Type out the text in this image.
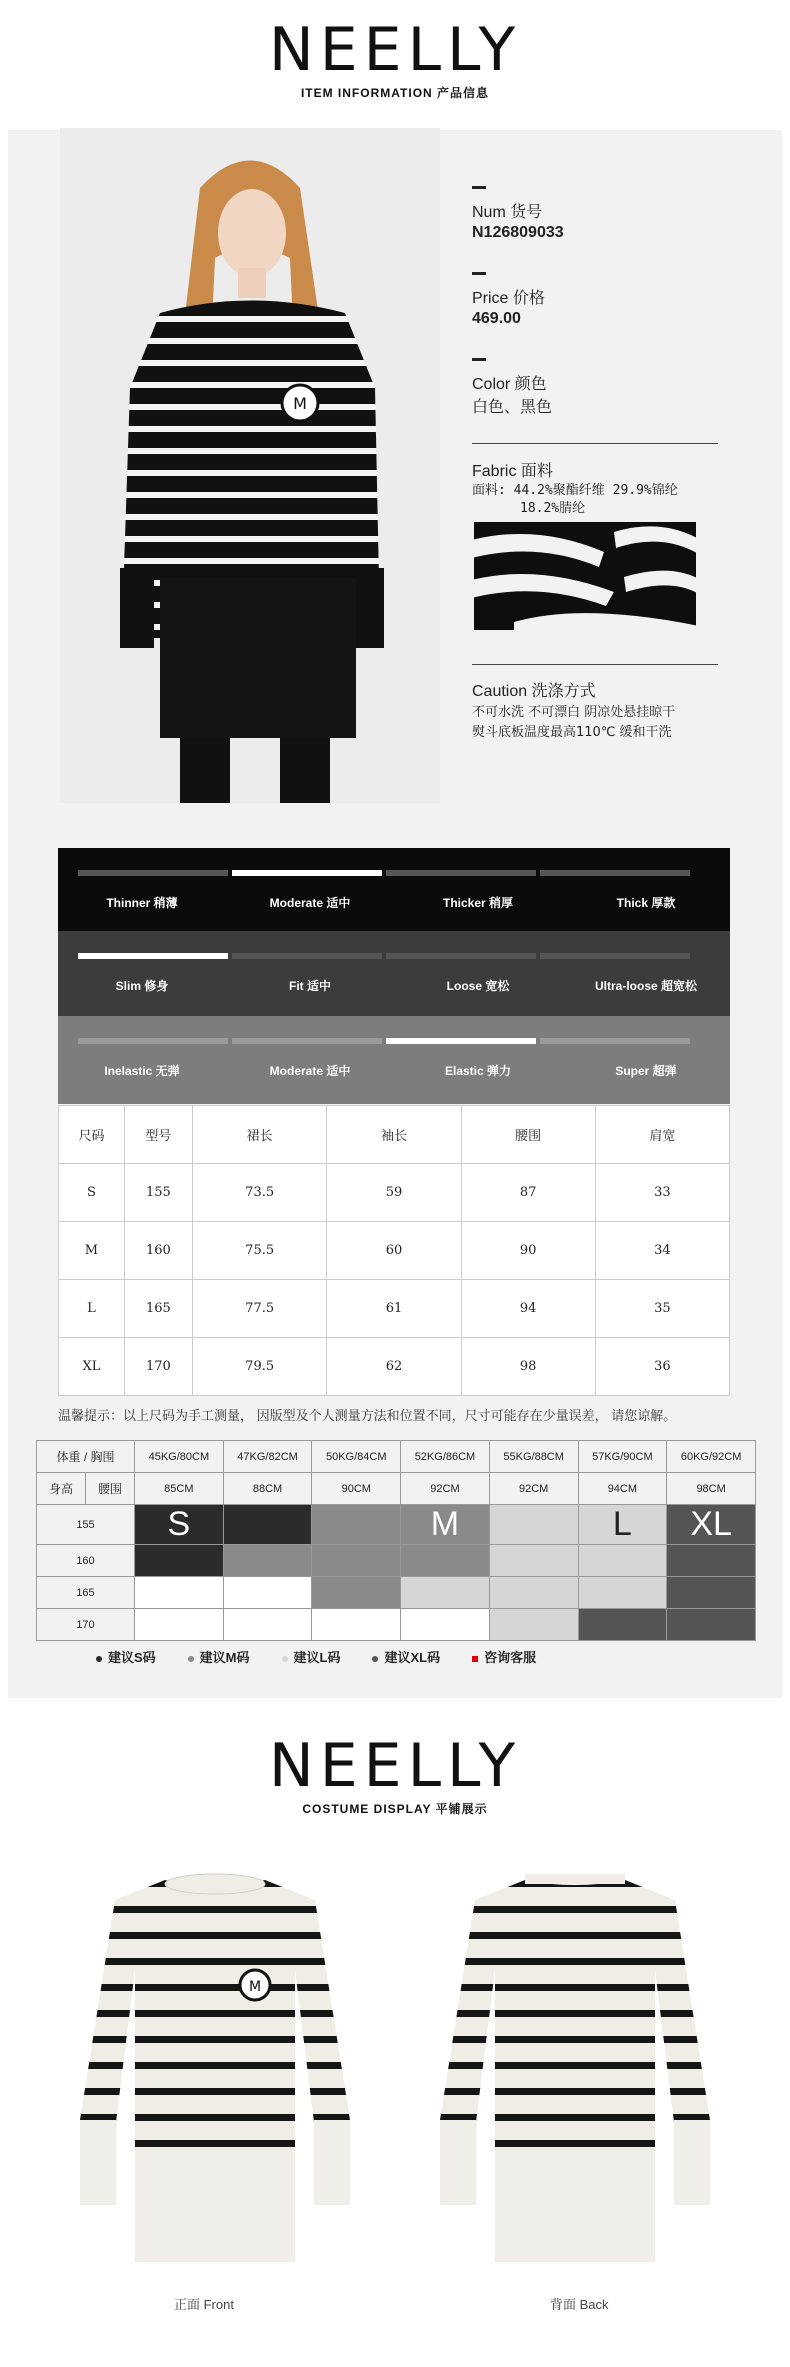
NEELLY
ITEM INFORMATION 产品信息
M
Num 货号
N126809033
Price 价格
469.00
Color 颜色
白色、黑色
Fabric 面料
面料: 44.2%聚酯纤维 29.9%锦纶
18.2%腈纶
Caution 洗涤方式
不可水洗 不可漂白 阴凉处悬挂晾干
熨斗底板温度最高110℃ 缓和干洗
Thinner 稍薄	Moderate 适中	Thicker 稍厚	Thick 厚款
Slim 修身	Fit 适中	Loose 宽松	Ultra-loose 超宽松
Inelastic 无弹	Moderate 适中	Elastic 弹力	Super 超弹
尺码	型号	裙长	袖长	腰围	肩宽
S	155	73.5	59	87	33
M	160	75.5	60	90	34
L	165	77.5	61	94	35
XL	170	79.5	62	98	36
温馨提示：以上尺码为手工测量， 因版型及个人测量方法和位置不同，尺寸可能存在少量误差， 请您谅解。
体重 / 胸围		45KG/80CM	47KG/82CM	50KG/84CM	52KG/86CM	55KG/88CM	57KG/90CM	60KG/92CM
身高	腰围	85CM	88CM	90CM	92CM	92CM	94CM	98CM
155		S			M		L	XL
160								
165								
170								
建议S码	建议M码	建议L码	建议XL码	咨询客服
NEELLY
COSTUME DISPLAY 平铺展示
M
正面 Front	背面 Back
